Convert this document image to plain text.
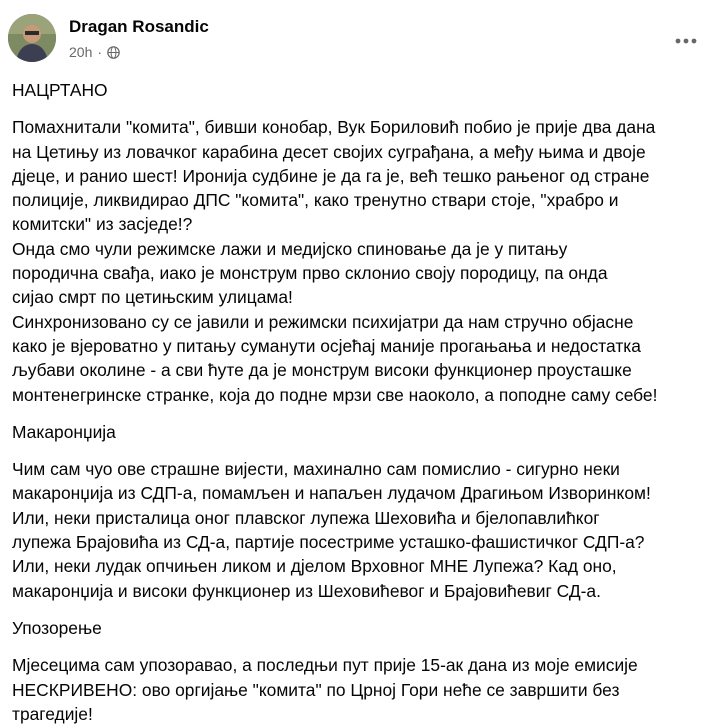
Dragan Rosandic
20h ·

НАЦРТАНО

Помахнитали "комита", бивши конобар, Вук Бориловић побио је прије два дана
на Цетињу из ловачког карабина десет својих суграђана, а међу њима и двоје
дјеце, и раниo шест! Иронија судбине је да га је, већ тешко рањеног од стране
полиције, ликвидирао ДПС "комита", како тренутно ствари стоје, "храбро и
комитски" из засједе!?
Онда смо чули режимске лажи и медијско спиновање да је у питању
породична свађа, иако је монструм прво склонио своју породицу, па онда
сијао смрт по цетињским улицама!
Синхронизовано су се јавили и режимски психијатри да нам стручно објасне
како је вјероватно у питању суманути осјећај маније прогањања и недостатка
љубави околине - а сви ћуте да је монструм високи функционер проусташке
монтенегринске странке, која до подне мрзи све наоколо, а поподне саму себе!

Макаронџија

Чим сам чуо ове страшне вијести, махинално сам помислио - сигурно неки
макаронџија из СДП-а, помамљен и напаљен лудачом Драгињом Изворинком!
Или, неки присталица оног плавског лупежа Шеховића и бјелопавлићког
лупежа Брајовића из СД-а, партије посестриме усташко-фашистичког СДП-а?
Или, неки лудак опчињен ликом и дјелом Врховног МНЕ Лупежа? Кад оно,
макаронџија и високи функционер из Шеховићевог и Брајовићевиг СД-а.

Упозорење

Мјесецима сам упозоравао, а последњи пут прије 15-ак дана из моје емисије
НЕСКРИВЕНО: ово оргијање "комита" по Црној Гори неће се завршити без
трагедије!
